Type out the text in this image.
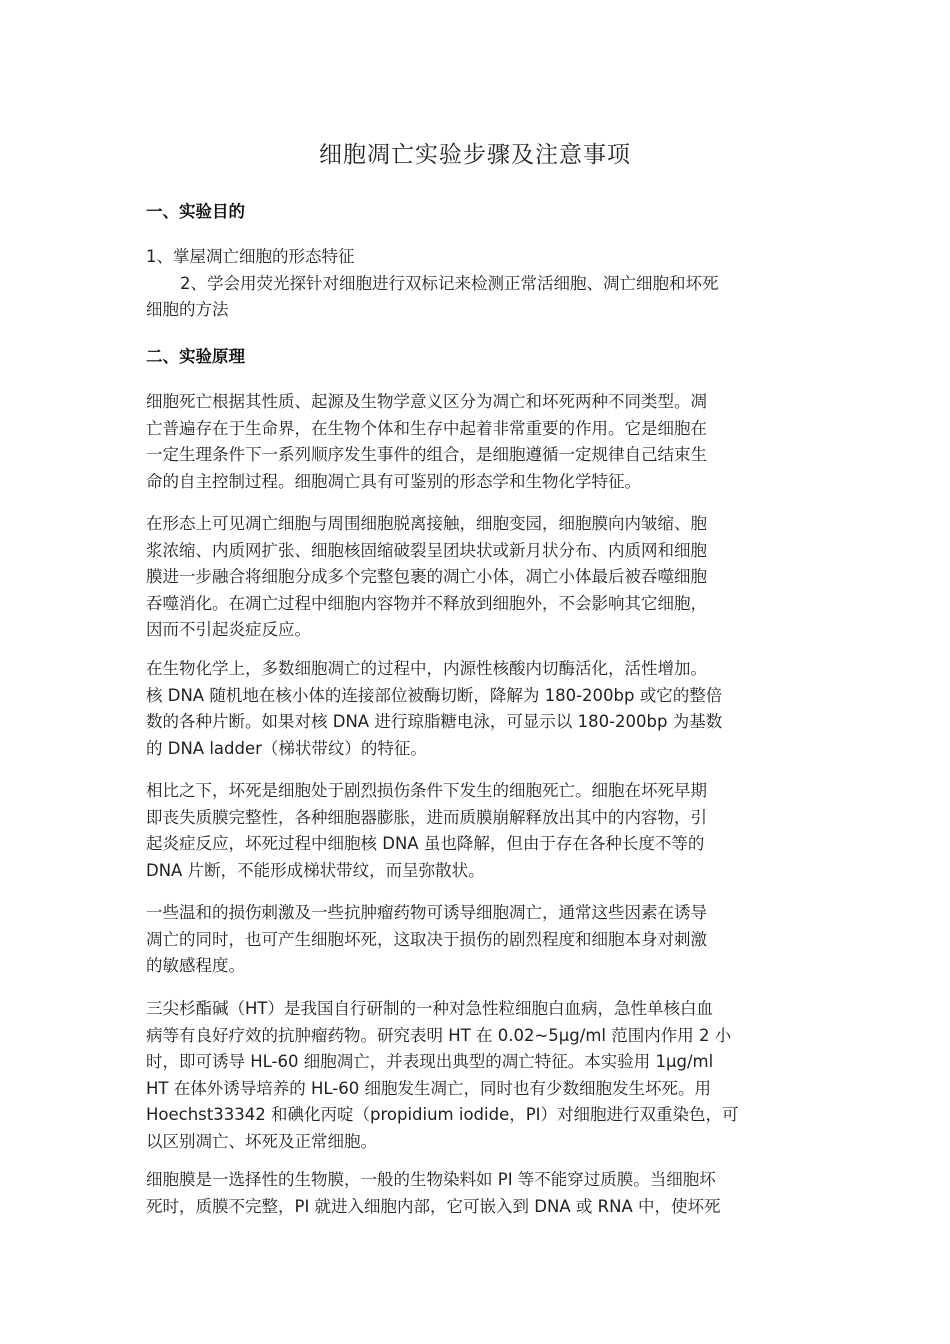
细胞凋亡实验步骤及注意事项
一、实验目的
1、掌屋凋亡细胞的形态特征
2、学会用荧光探针对细胞进行双标记来检测正常活细胞、凋亡细胞和坏死
细胞的方法
二、实验原理
细胞死亡根据其性质、起源及生物学意义区分为凋亡和坏死两种不同类型。凋
亡普遍存在于生命界，在生物个体和生存中起着非常重要的作用。它是细胞在
一定生理条件下一系列顺序发生事件的组合，是细胞遵循一定规律自己结束生
命的自主控制过程。细胞凋亡具有可鉴别的形态学和生物化学特征。
在形态上可见凋亡细胞与周围细胞脱离接触，细胞变园，细胞膜向内皱缩、胞
浆浓缩、内质网扩张、细胞核固缩破裂呈团块状或新月状分布、内质网和细胞
膜进一步融合将细胞分成多个完整包裹的凋亡小体，凋亡小体最后被吞噬细胞
吞噬消化。在凋亡过程中细胞内容物并不释放到细胞外，不会影响其它细胞，
因而不引起炎症反应。
在生物化学上，多数细胞凋亡的过程中，内源性核酸内切酶活化，活性增加。
核 DNA 随机地在核小体的连接部位被酶切断，降解为 180-200bp 或它的整倍
数的各种片断。如果对核 DNA 进行琼脂糖电泳，可显示以 180-200bp 为基数
的 DNA ladder（梯状带纹）的特征。
相比之下，坏死是细胞处于剧烈损伤条件下发生的细胞死亡。细胞在坏死早期
即丧失质膜完整性，各种细胞器膨胀，进而质膜崩解释放出其中的内容物，引
起炎症反应，坏死过程中细胞核 DNA 虽也降解，但由于存在各种长度不等的
DNA 片断，不能形成梯状带纹，而呈弥散状。
一些温和的损伤刺激及一些抗肿瘤药物可诱导细胞凋亡，通常这些因素在诱导
凋亡的同时，也可产生细胞坏死，这取决于损伤的剧烈程度和细胞本身对刺激
的敏感程度。
三尖杉酯碱（HT）是我国自行研制的一种对急性粒细胞白血病，急性单核白血
病等有良好疗效的抗肿瘤药物。研究表明 HT 在 0.02~5μg/ml 范围内作用 2 小
时，即可诱导 HL-60 细胞凋亡，并表现出典型的凋亡特征。本实验用 1μg/ml
HT 在体外诱导培养的 HL-60 细胞发生凋亡，同时也有少数细胞发生坏死。用
Hoechst33342 和碘化丙啶（propidium iodide，PI）对细胞进行双重染色，可
以区别凋亡、坏死及正常细胞。
细胞膜是一选择性的生物膜，一般的生物染料如 PI 等不能穿过质膜。当细胞坏
死时，质膜不完整，PI 就进入细胞内部，它可嵌入到 DNA 或 RNA 中，使坏死
